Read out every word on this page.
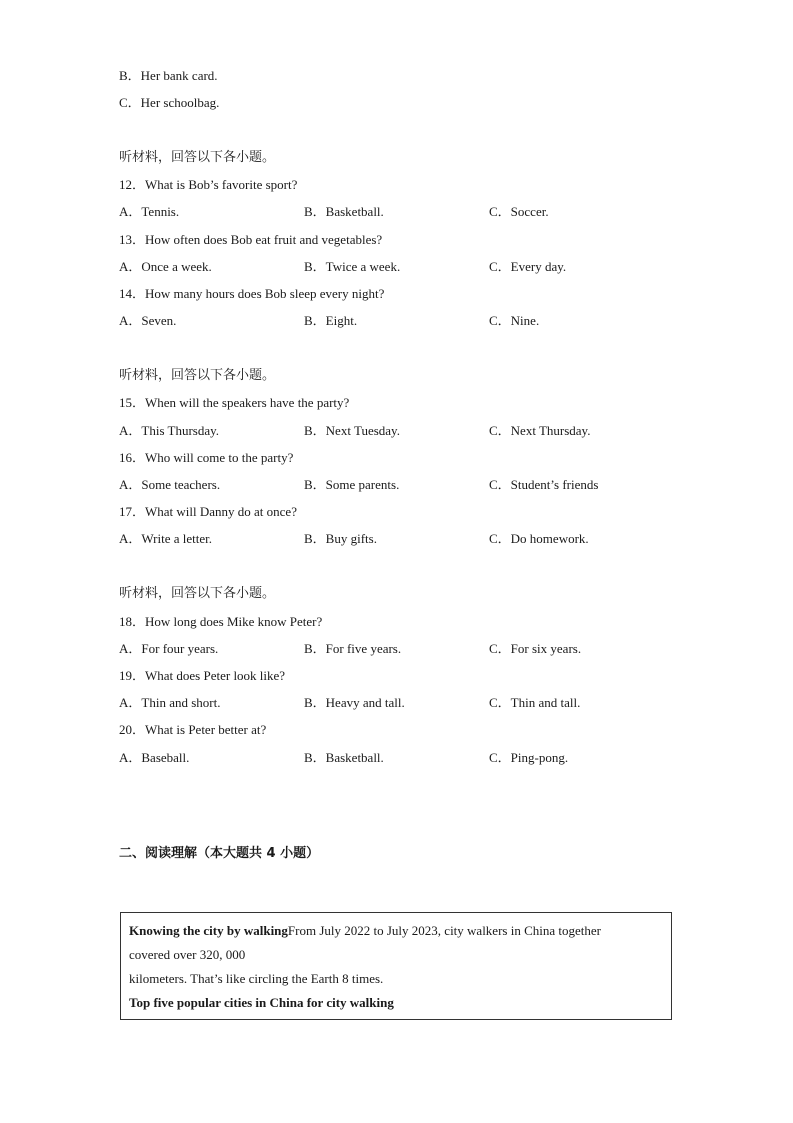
B．Her bank card.
C．Her schoolbag.
听材料，回答以下各小题。
12．What is Bob’s favorite sport?
A．Tennis.	B．Basketball.	C．Soccer.
13．How often does Bob eat fruit and vegetables?
A．Once a week.	B．Twice a week.	C．Every day.
14．How many hours does Bob sleep every night?
A．Seven.	B．Eight.	C．Nine.
听材料，回答以下各小题。
15．When will the speakers have the party?
A．This Thursday.	B．Next Tuesday.	C．Next Thursday.
16．Who will come to the party?
A．Some teachers.	B．Some parents.	C．Student’s friends
17．What will Danny do at once?
A．Write a letter.	B．Buy gifts.	C．Do homework.
听材料，回答以下各小题。
18．How long does Mike know Peter?
A．For four years.	B．For five years.	C．For six years.
19．What does Peter look like?
A．Thin and short.	B．Heavy and tall.	C．Thin and tall.
20．What is Peter better at?
A．Baseball.	B．Basketball.	C．Ping-pong.
二、阅读理解（本大题共 4 小题）
Knowing the city by walkingFrom July 2022 to July 2023, city walkers in China together
covered over 320, 000
kilometers. That’s like circling the Earth 8 times.
Top five popular cities in China for city walking
